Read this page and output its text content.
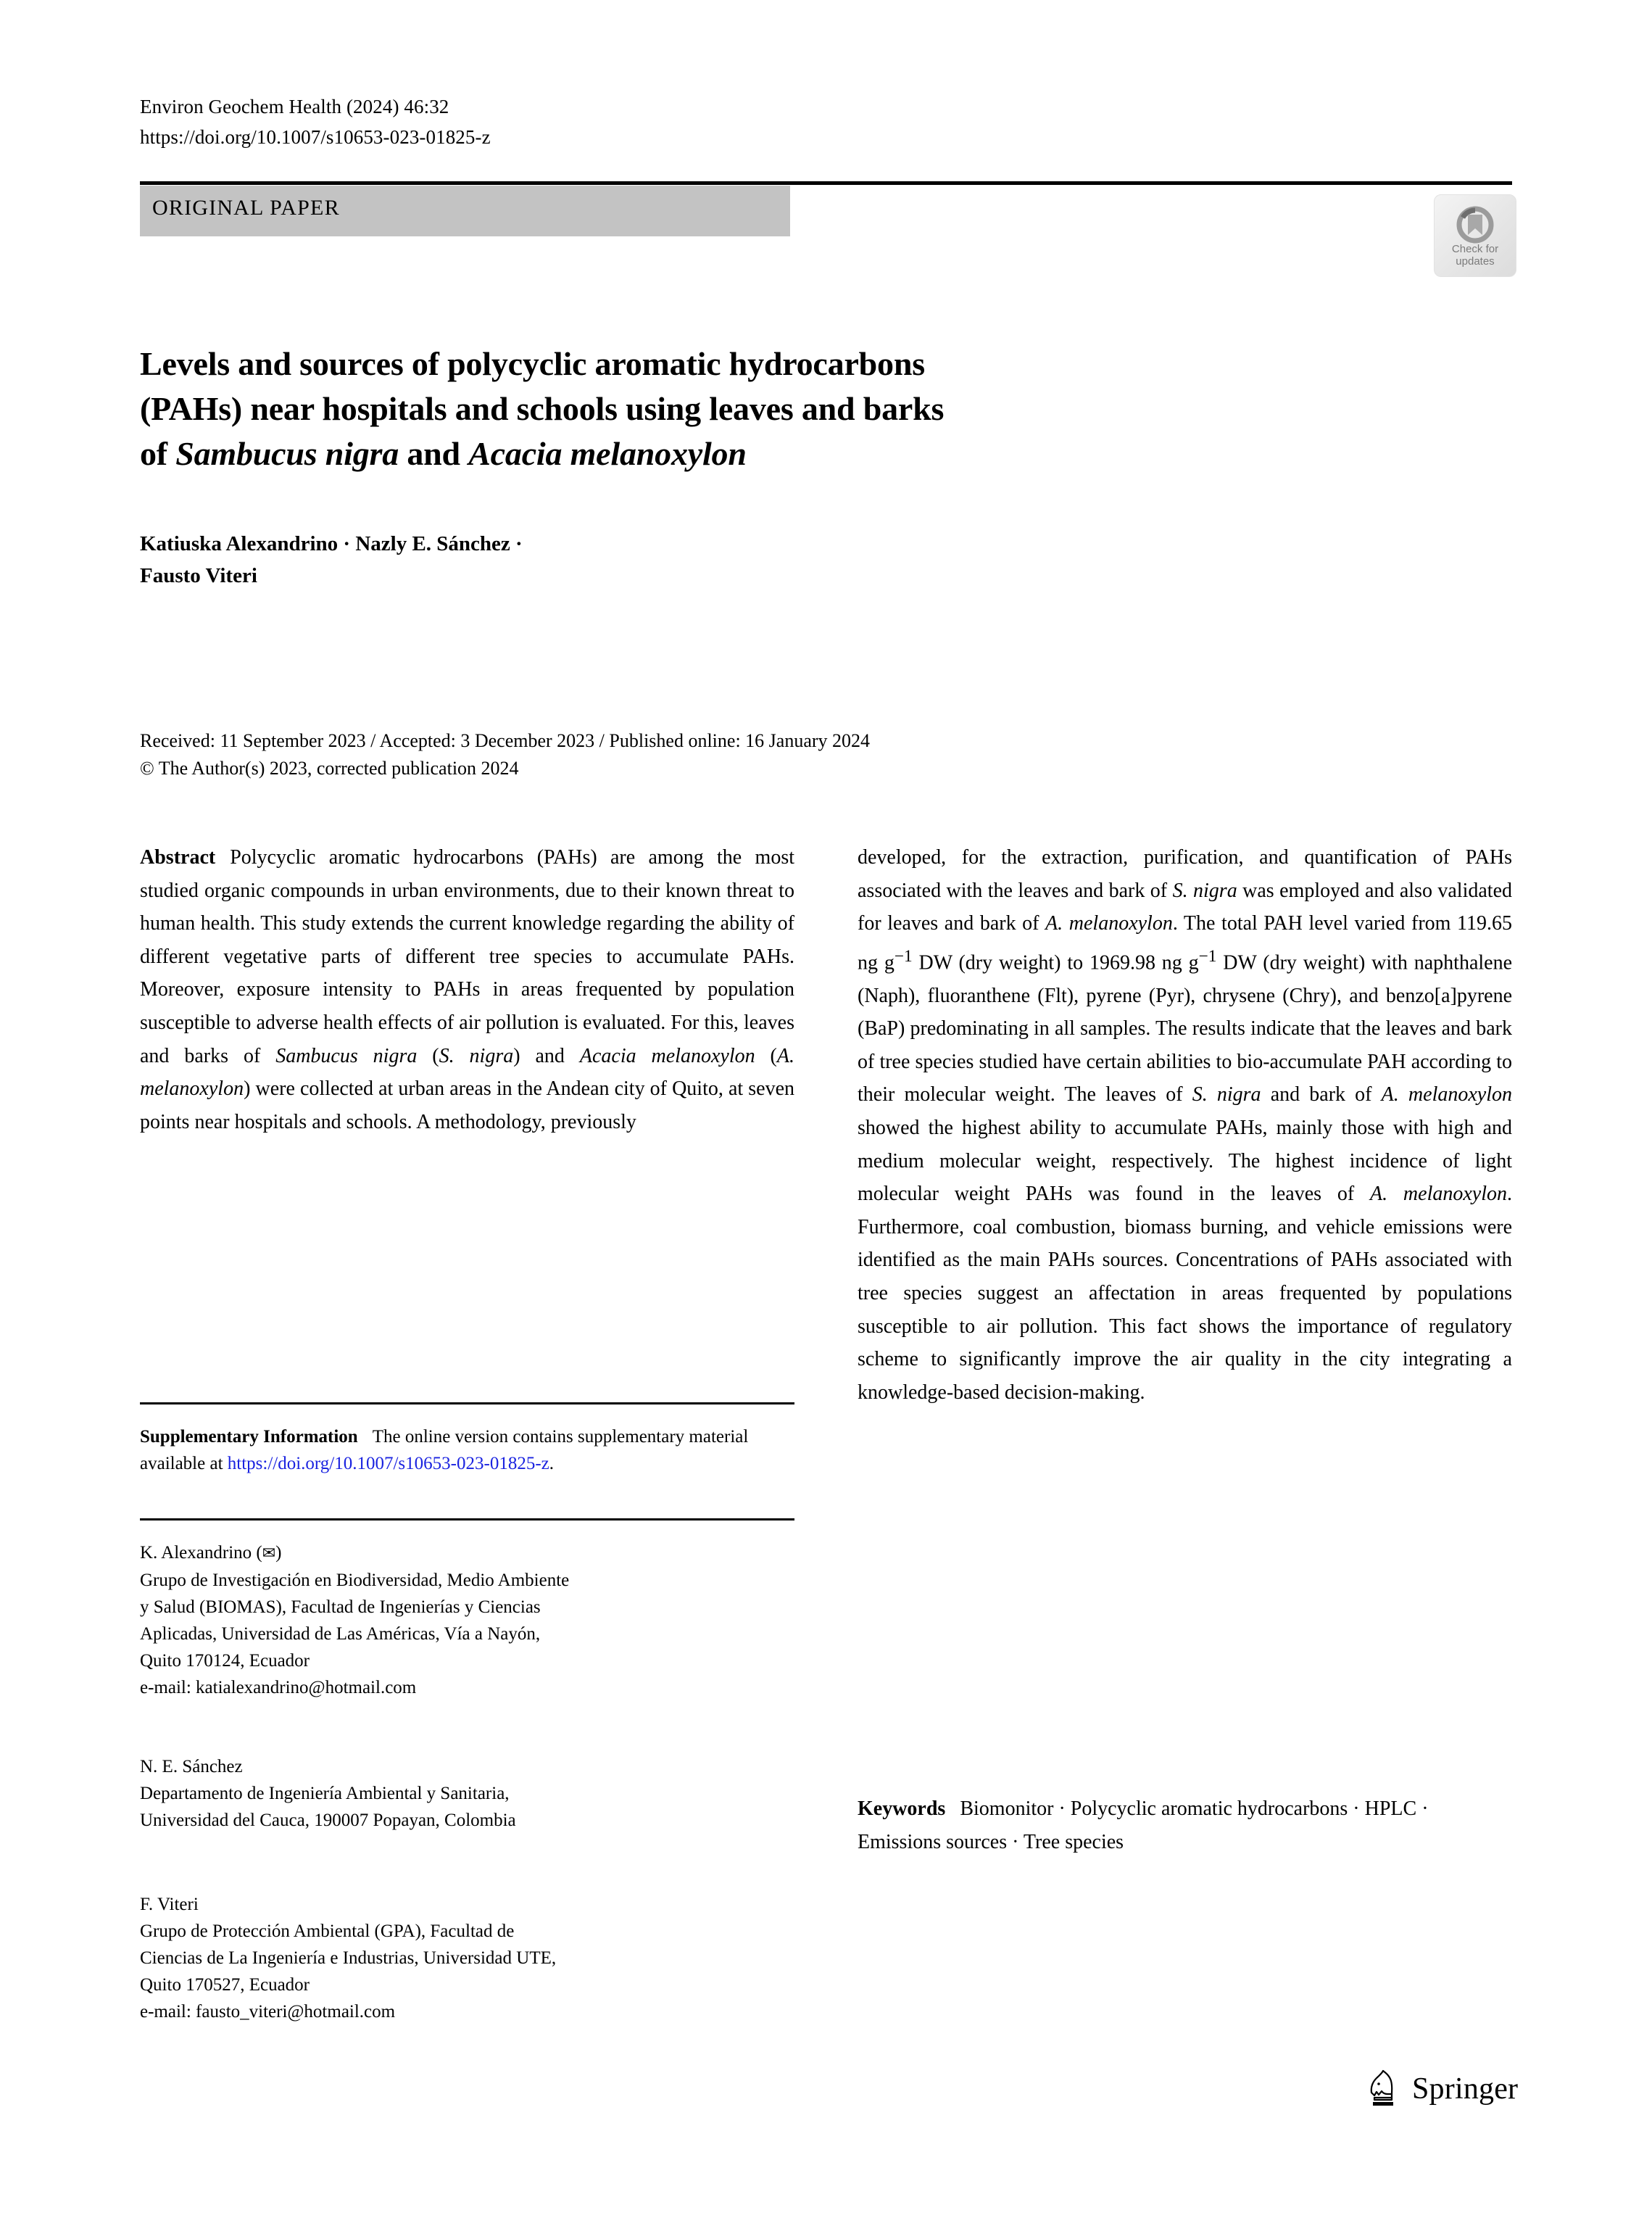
Environ Geochem Health (2024) 46:32
https://doi.org/10.1007/s10653-023-01825-z
ORIGINAL PAPER
Check for
updates
Levels and sources of polycyclic aromatic hydrocarbons
(PAHs) near hospitals and schools using leaves and barks
of Sambucus nigra and Acacia melanoxylon
Katiuska Alexandrino · Nazly E. Sánchez ·
Fausto Viteri
Received: 11 September 2023 / Accepted: 3 December 2023 / Published online: 16 January 2024
© The Author(s) 2023, corrected publication 2024
Abstract Polycyclic aromatic hydrocarbons (PAHs) are among the most studied organic compounds in urban environments, due to their known threat to human health. This study extends the current knowledge regarding the ability of different vegetative parts of different tree species to accumulate PAHs. Moreover, exposure intensity to PAHs in areas frequented by population susceptible to adverse health effects of air pollution is evaluated. For this, leaves and barks of Sambucus nigra (S. nigra) and Acacia melanoxylon (A. melanoxylon) were collected at urban areas in the Andean city of Quito, at seven points near hospitals and schools. A methodology, previously
developed, for the extraction, purification, and quantification of PAHs associated with the leaves and bark of S. nigra was employed and also validated for leaves and bark of A. melanoxylon. The total PAH level varied from 119.65 ng $g^{-1}$ DW (dry weight) to 1969.98 ng $g^{-1}$ DW (dry weight) with naphthalene (Naph), fluoranthene (Flt), pyrene (Pyr), chrysene (Chry), and benzo[a]pyrene (BaP) predominating in all samples. The results indicate that the leaves and bark of tree species studied have certain abilities to bio-accumulate PAH according to their molecular weight. The leaves of S. nigra and bark of A. melanoxylon showed the highest ability to accumulate PAHs, mainly those with high and medium molecular weight, respectively. The highest incidence of light molecular weight PAHs was found in the leaves of A. melanoxylon. Furthermore, coal combustion, biomass burning, and vehicle emissions were identified as the main PAHs sources. Concentrations of PAHs associated with tree species suggest an affectation in areas frequented by populations susceptible to air pollution. This fact shows the importance of regulatory scheme to significantly improve the air quality in the city integrating a knowledge-based decision-making.
Keywords Biomonitor · Polycyclic aromatic hydrocarbons · HPLC · Emissions sources · Tree species
Supplementary Information The online version contains supplementary material available at https://doi.org/10.1007/s10653-023-01825-z.
K. Alexandrino (✉)
Grupo de Investigación en Biodiversidad, Medio Ambiente
y Salud (BIOMAS), Facultad de Ingenierías y Ciencias
Aplicadas, Universidad de Las Américas, Vía a Nayón,
Quito 170124, Ecuador
e-mail: katialexandrino@hotmail.com
N. E. Sánchez
Departamento de Ingeniería Ambiental y Sanitaria,
Universidad del Cauca, 190007 Popayan, Colombia
F. Viteri
Grupo de Protección Ambiental (GPA), Facultad de
Ciencias de La Ingeniería e Industrias, Universidad UTE,
Quito 170527, Ecuador
e-mail: fausto_viteri@hotmail.com
Springer
